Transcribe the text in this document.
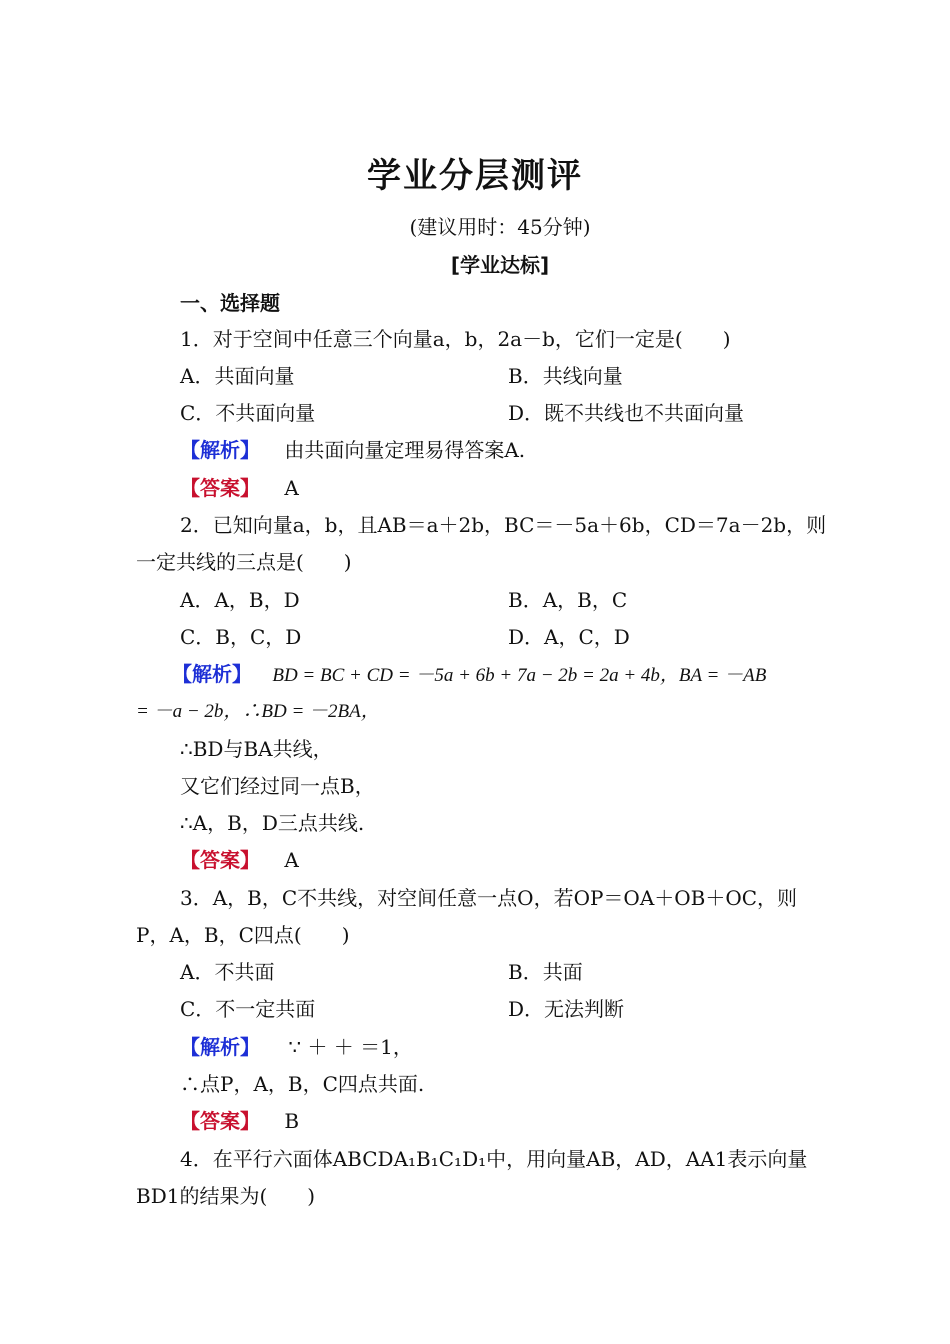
学业分层测评
(建议用时：45分钟)
[学业达标]
一、选择题
1．对于空间中任意三个向量a，b，2a－b，它们一定是(　　)
A．共面向量	B．共线向量
C．不共面向量	D．既不共线也不共面向量
【解析】 由共面向量定理易得答案A.
【答案】 A
2．已知向量a，b，且AB＝a＋2b，BC＝－5a＋6b，CD＝7a－2b，则
一定共线的三点是(　　)
A．A，B，D	B．A，B，C
C．B，C，D	D．A，C，D
【解析】 BD = BC + CD = －5a + 6b + 7a − 2b = 2a + 4b，BA = －AB
= －a − 2b，∴BD = －2BA，
∴BD与BA共线，
又它们经过同一点B，
∴A，B，D三点共线.
【答案】 A
3．A，B，C不共线，对空间任意一点O，若OP＝OA＋OB＋OC，则
P，A，B，C四点(　　)
A．不共面	B．共面
C．不一定共面	D．无法判断
【解析】 ∵ ＋ ＋ ＝1，
∴点P，A，B，C四点共面.
【答案】 B
4．在平行六面体ABCDA₁B₁C₁D₁中，用向量AB，AD，AA1表示向量
BD1的结果为(　　)
